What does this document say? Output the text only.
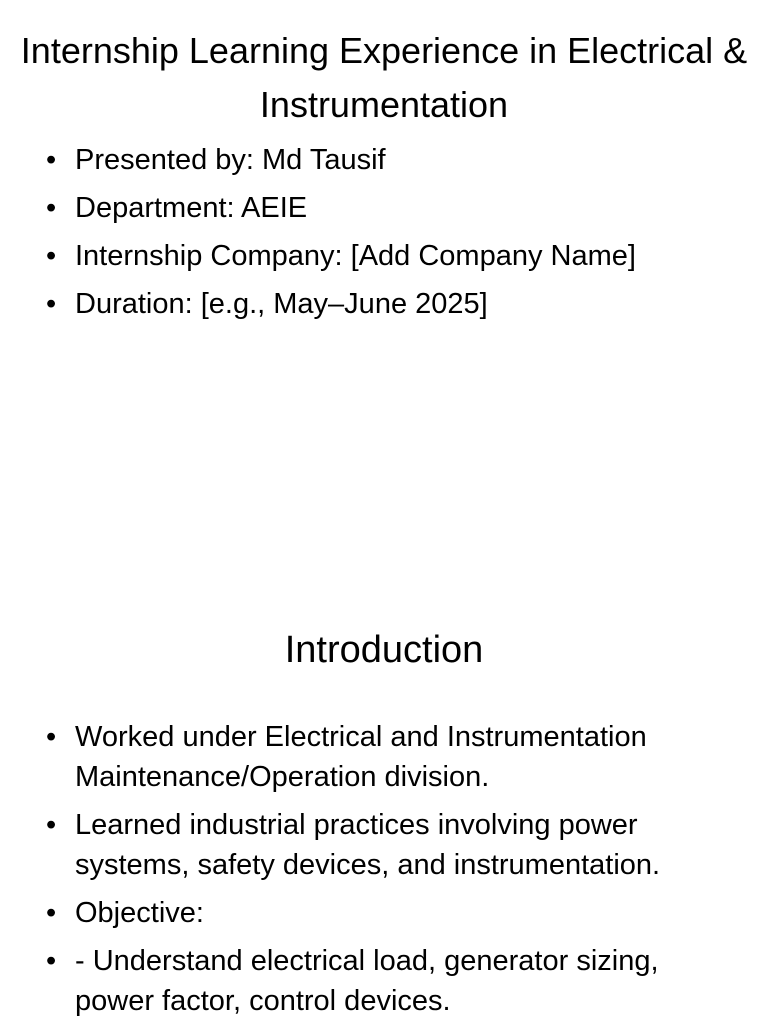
Internship Learning Experience in Electrical & Instrumentation
• Presented by: Md Tausif
• Department: AEIE
• Internship Company: [Add Company Name]
• Duration: [e.g., May–June 2025]
Introduction
• Worked under Electrical and Instrumentation Maintenance/Operation division.
• Learned industrial practices involving power systems, safety devices, and instrumentation.
• Objective:
• - Understand electrical load, generator sizing, power factor, control devices.
